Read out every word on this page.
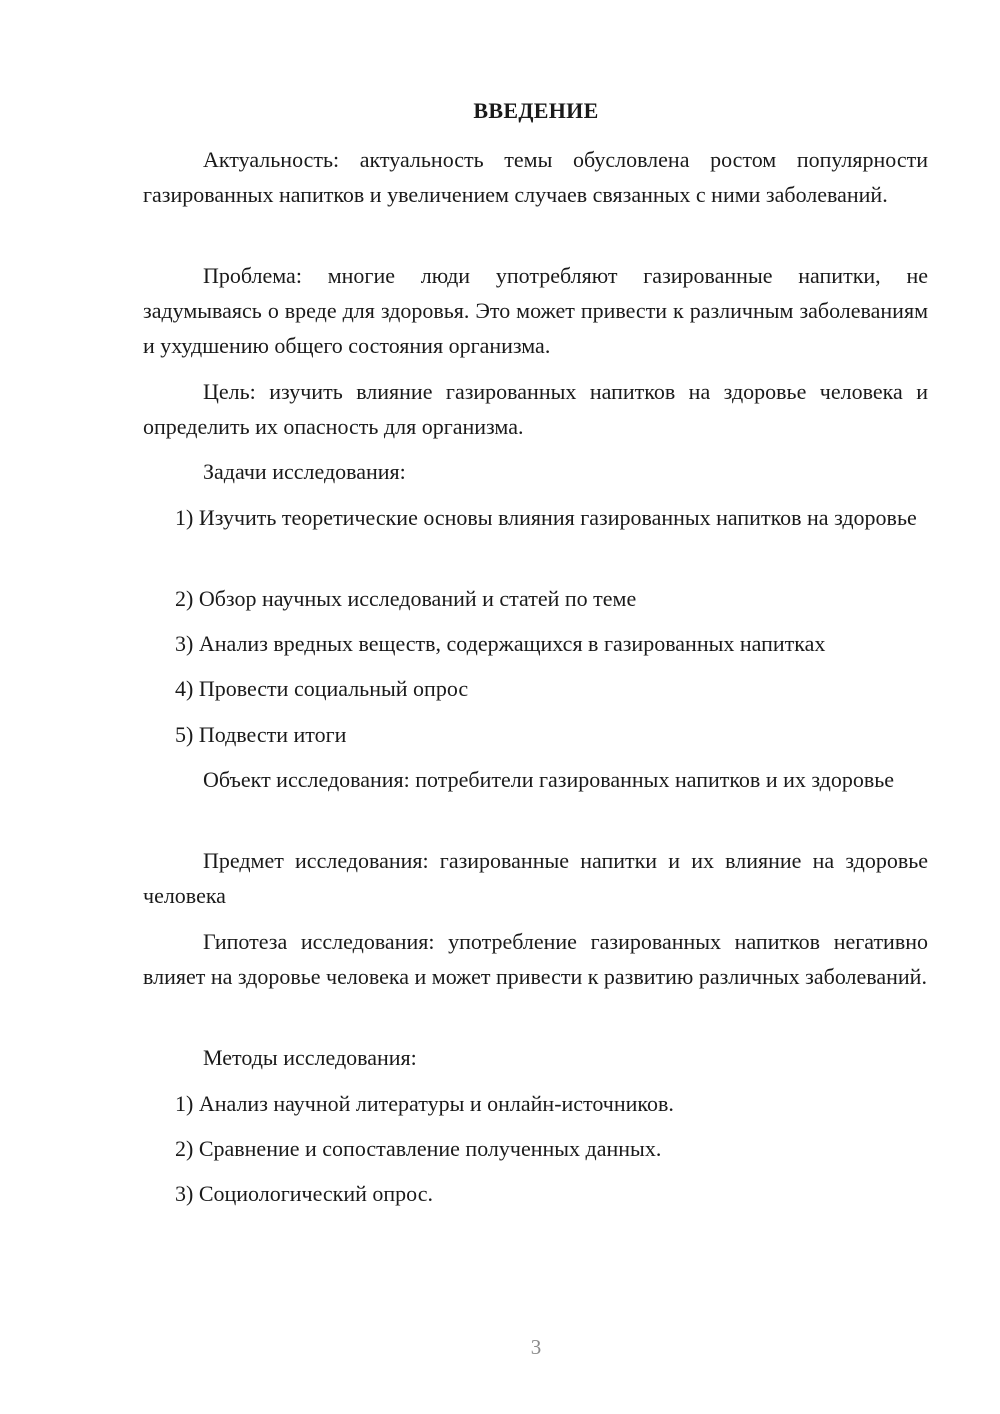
ВВЕДЕНИЕ

Актуальность: актуальность темы обусловлена ростом популярности газированных напитков и увеличением случаев связанных с ними заболеваний.

Проблема: многие люди употребляют газированные напитки, не задумываясь о вреде для здоровья. Это может привести к различным заболеваниям и ухудшению общего состояния организма.

Цель: изучить влияние газированных напитков на здоровье человека и определить их опасность для организма.

Задачи исследования:

1) Изучить теоретические основы влияния газированных напитков на здоровье

2) Обзор научных исследований и статей по теме

3) Анализ вредных веществ, содержащихся в газированных напитках

4) Провести социальный опрос

5) Подвести итоги

Объект исследования: потребители газированных напитков и их здоровье

Предмет исследования: газированные напитки и их влияние на здоровье человека

Гипотеза исследования: употребление газированных напитков негативно влияет на здоровье человека и может привести к развитию различных заболеваний.

Методы исследования:

1) Анализ научной литературы и онлайн-источников.

2) Сравнение и сопоставление полученных данных.

3) Социологический опрос.

3
